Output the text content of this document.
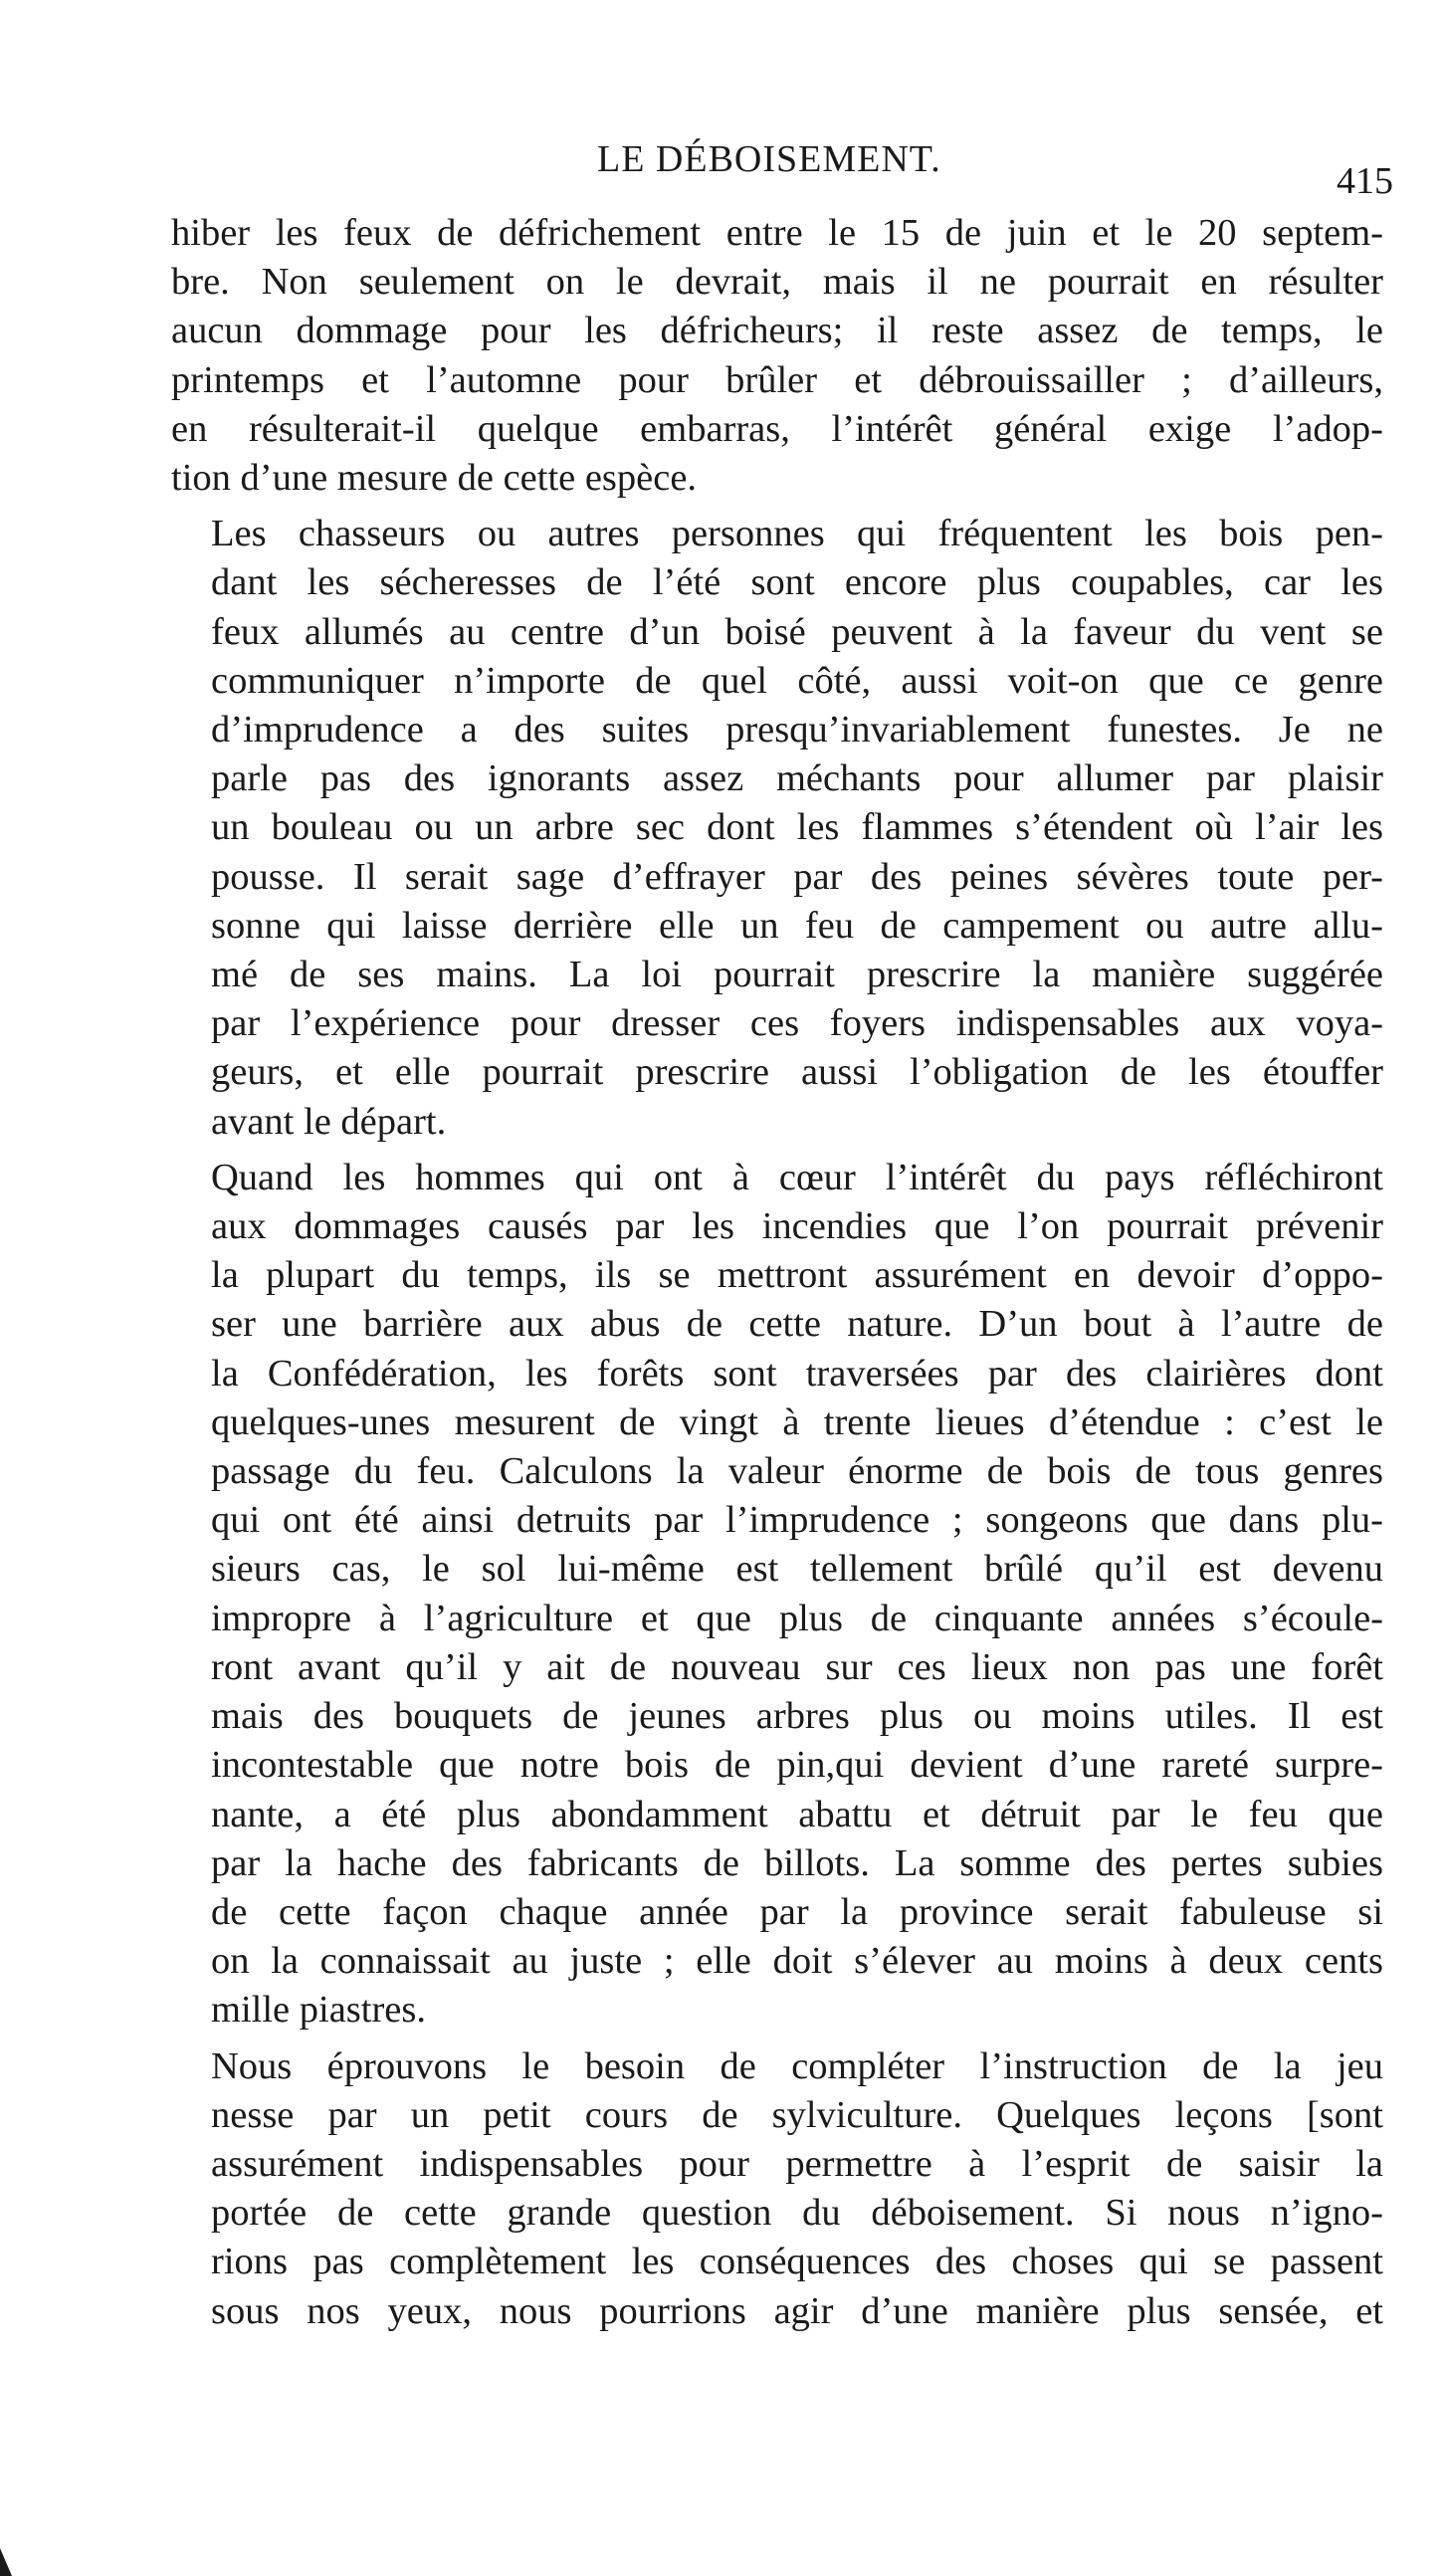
LE DÉBOISEMENT.
415

hiber les feux de défrichement entre le 15 de juin et le 20 septem-
bre. Non seulement on le devrait, mais il ne pourrait en résulter
aucun dommage pour les défricheurs; il reste assez de temps, le
printemps et l’automne pour brûler et débrouissailler ; d’ailleurs,
en résulterait-il quelque embarras, l’intérêt général exige l’adop-
tion d’une mesure de cette espèce.

Les chasseurs ou autres personnes qui fréquentent les bois pen-
dant les sécheresses de l’été sont encore plus coupables, car les
feux allumés au centre d’un boisé peuvent à la faveur du vent se
communiquer n’importe de quel côté, aussi voit-on que ce genre
d’imprudence a des suites presqu’invariablement funestes. Je ne
parle pas des ignorants assez méchants pour allumer par plaisir
un bouleau ou un arbre sec dont les flammes s’étendent où l’air les
pousse. Il serait sage d’effrayer par des peines sévères toute per-
sonne qui laisse derrière elle un feu de campement ou autre allu-
mé de ses mains. La loi pourrait prescrire la manière suggérée
par l’expérience pour dresser ces foyers indispensables aux voya-
geurs, et elle pourrait prescrire aussi l’obligation de les étouffer
avant le départ.

Quand les hommes qui ont à cœur l’intérêt du pays réfléchiront
aux dommages causés par les incendies que l’on pourrait prévenir
la plupart du temps, ils se mettront assurément en devoir d’oppo-
ser une barrière aux abus de cette nature. D’un bout à l’autre de
la Confédération, les forêts sont traversées par des clairières dont
quelques-unes mesurent de vingt à trente lieues d’étendue : c’est le
passage du feu. Calculons la valeur énorme de bois de tous genres
qui ont été ainsi detruits par l’imprudence ; songeons que dans plu-
sieurs cas, le sol lui-même est tellement brûlé qu’il est devenu
impropre à l’agriculture et que plus de cinquante années s’écoule-
ront avant qu’il y ait de nouveau sur ces lieux non pas une forêt
mais des bouquets de jeunes arbres plus ou moins utiles. Il est
incontestable que notre bois de pin,qui devient d’une rareté surpre-
nante, a été plus abondamment abattu et détruit par le feu que
par la hache des fabricants de billots. La somme des pertes subies
de cette façon chaque année par la province serait fabuleuse si
on la connaissait au juste ; elle doit s’élever au moins à deux cents
mille piastres.

Nous éprouvons le besoin de compléter l’instruction de la jeu
nesse par un petit cours de sylviculture. Quelques leçons [sont
assurément indispensables pour permettre à l’esprit de saisir la
portée de cette grande question du déboisement. Si nous n’igno-
rions pas complètement les conséquences des choses qui se passent
sous nos yeux, nous pourrions agir d’une manière plus sensée, et
